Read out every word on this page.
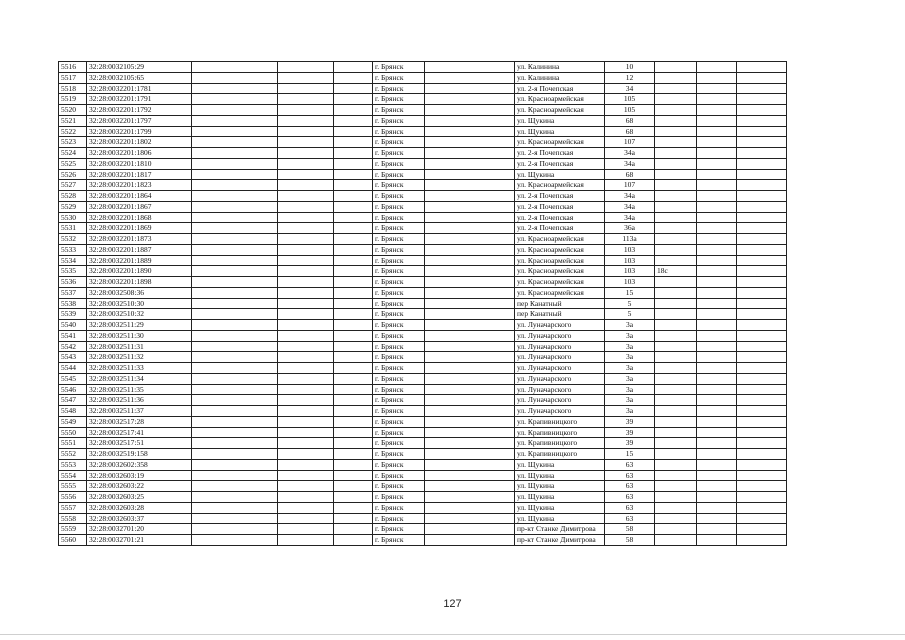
5516	32:28:0032105:29				г. Брянск		ул. Калинина	10			
5517	32:28:0032105:65				г. Брянск		ул. Калинина	12			
5518	32:28:0032201:1781				г. Брянск		ул. 2-я Почепская	34			
5519	32:28:0032201:1791				г. Брянск		ул. Красноармейская	105			
5520	32:28:0032201:1792				г. Брянск		ул. Красноармейская	105			
5521	32:28:0032201:1797				г. Брянск		ул. Щукина	68			
5522	32:28:0032201:1799				г. Брянск		ул. Щукина	68			
5523	32:28:0032201:1802				г. Брянск		ул. Красноармейская	107			
5524	32:28:0032201:1806				г. Брянск		ул. 2-я Почепская	34а			
5525	32:28:0032201:1810				г. Брянск		ул. 2-я Почепская	34а			
5526	32:28:0032201:1817				г. Брянск		ул. Щукина	68			
5527	32:28:0032201:1823				г. Брянск		ул. Красноармейская	107			
5528	32:28:0032201:1864				г. Брянск		ул. 2-я Почепская	34а			
5529	32:28:0032201:1867				г. Брянск		ул. 2-я Почепская	34а			
5530	32:28:0032201:1868				г. Брянск		ул. 2-я Почепская	34а			
5531	32:28:0032201:1869				г. Брянск		ул. 2-я Почепская	36а			
5532	32:28:0032201:1873				г. Брянск		ул. Красноармейская	113а			
5533	32:28:0032201:1887				г. Брянск		ул. Красноармейская	103			
5534	32:28:0032201:1889				г. Брянск		ул. Красноармейская	103			
5535	32:28:0032201:1890				г. Брянск		ул. Красноармейская	103	18с		
5536	32:28:0032201:1898				г. Брянск		ул. Красноармейская	103			
5537	32:28:0032508:36				г. Брянск		ул. Красноармейская	15			
5538	32:28:0032510:30				г. Брянск		пер Канатный	5			
5539	32:28:0032510:32				г. Брянск		пер Канатный	5			
5540	32:28:0032511:29				г. Брянск		ул. Луначарского	3а			
5541	32:28:0032511:30				г. Брянск		ул. Луначарского	3а			
5542	32:28:0032511:31				г. Брянск		ул. Луначарского	3а			
5543	32:28:0032511:32				г. Брянск		ул. Луначарского	3а			
5544	32:28:0032511:33				г. Брянск		ул. Луначарского	3а			
5545	32:28:0032511:34				г. Брянск		ул. Луначарского	3а			
5546	32:28:0032511:35				г. Брянск		ул. Луначарского	3а			
5547	32:28:0032511:36				г. Брянск		ул. Луначарского	3а			
5548	32:28:0032511:37				г. Брянск		ул. Луначарского	3а			
5549	32:28:0032517:28				г. Брянск		ул. Крапивницкого	39			
5550	32:28:0032517:41				г. Брянск		ул. Крапивницкого	39			
5551	32:28:0032517:51				г. Брянск		ул. Крапивницкого	39			
5552	32:28:0032519:158				г. Брянск		ул. Крапивницкого	15			
5553	32:28:0032602:358				г. Брянск		ул. Щукина	63			
5554	32:28:0032603:19				г. Брянск		ул. Щукина	63			
5555	32:28:0032603:22				г. Брянск		ул. Щукина	63			
5556	32:28:0032603:25				г. Брянск		ул. Щукина	63			
5557	32:28:0032603:28				г. Брянск		ул. Щукина	63			
5558	32:28:0032603:37				г. Брянск		ул. Щукина	63			
5559	32:28:0032701:20				г. Брянск		пр-кт Станке Димитрова	58			
5560	32:28:0032701:21				г. Брянск		пр-кт Станке Димитрова	58			
127
